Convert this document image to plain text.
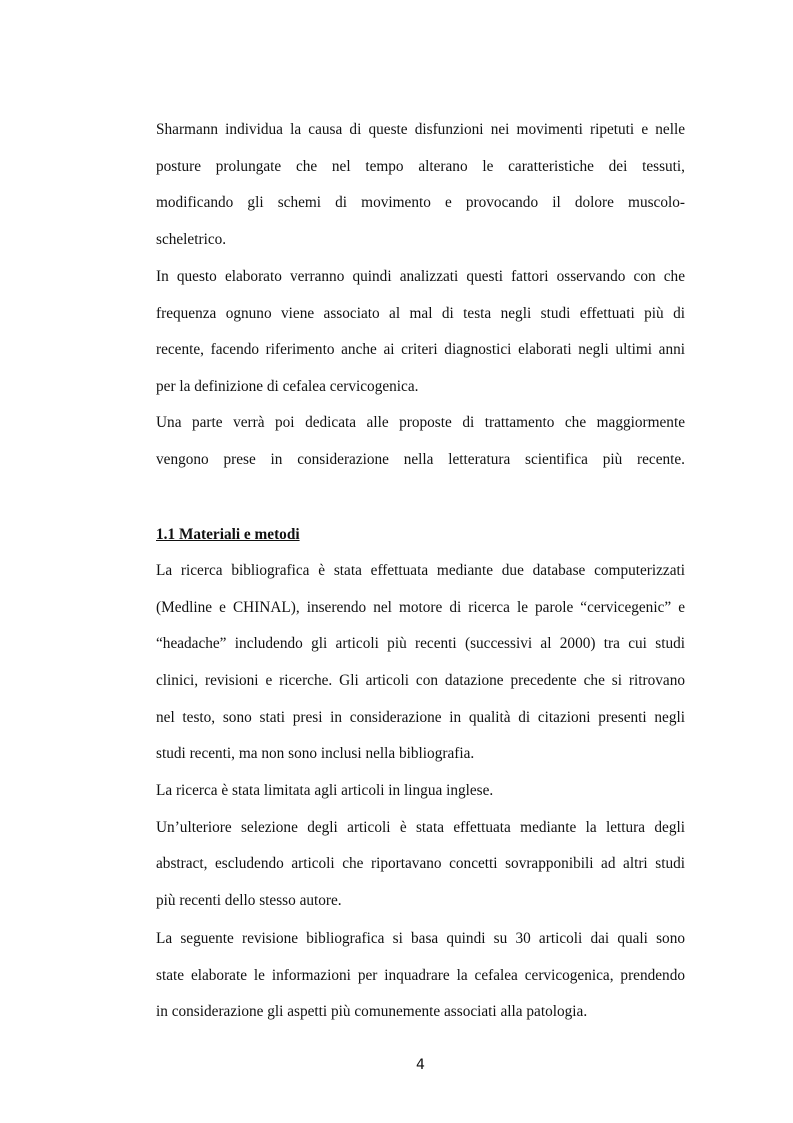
Sharmann individua la causa di queste disfunzioni nei movimenti ripetuti e nelle
posture prolungate che nel tempo alterano le caratteristiche dei tessuti,
modificando gli schemi di movimento e provocando il dolore muscolo-
scheletrico.
In questo elaborato verranno quindi analizzati questi fattori osservando con che
frequenza ognuno viene associato al mal di testa negli studi effettuati più di
recente, facendo riferimento anche ai criteri diagnostici elaborati negli ultimi anni
per la definizione di cefalea cervicogenica.
Una parte verrà poi dedicata alle proposte di trattamento che maggiormente
vengono prese in considerazione nella letteratura scientifica più recente.
1.1 Materiali e metodi
La ricerca bibliografica è stata effettuata mediante due database computerizzati
(Medline e CHINAL), inserendo nel motore di ricerca le parole “cervicegenic” e
“headache” includendo gli articoli più recenti (successivi al 2000) tra cui studi
clinici, revisioni e ricerche. Gli articoli con datazione precedente che si ritrovano
nel testo, sono stati presi in considerazione in qualità di citazioni presenti negli
studi recenti, ma non sono inclusi nella bibliografia.
La ricerca è stata limitata agli articoli in lingua inglese.
Un’ulteriore selezione degli articoli è stata effettuata mediante la lettura degli
abstract, escludendo articoli che riportavano concetti sovrapponibili ad altri studi
più recenti dello stesso autore.
La seguente revisione bibliografica si basa quindi su 30 articoli dai quali sono
state elaborate le informazioni per inquadrare la cefalea cervicogenica, prendendo
in considerazione gli aspetti più comunemente associati alla patologia.
4
